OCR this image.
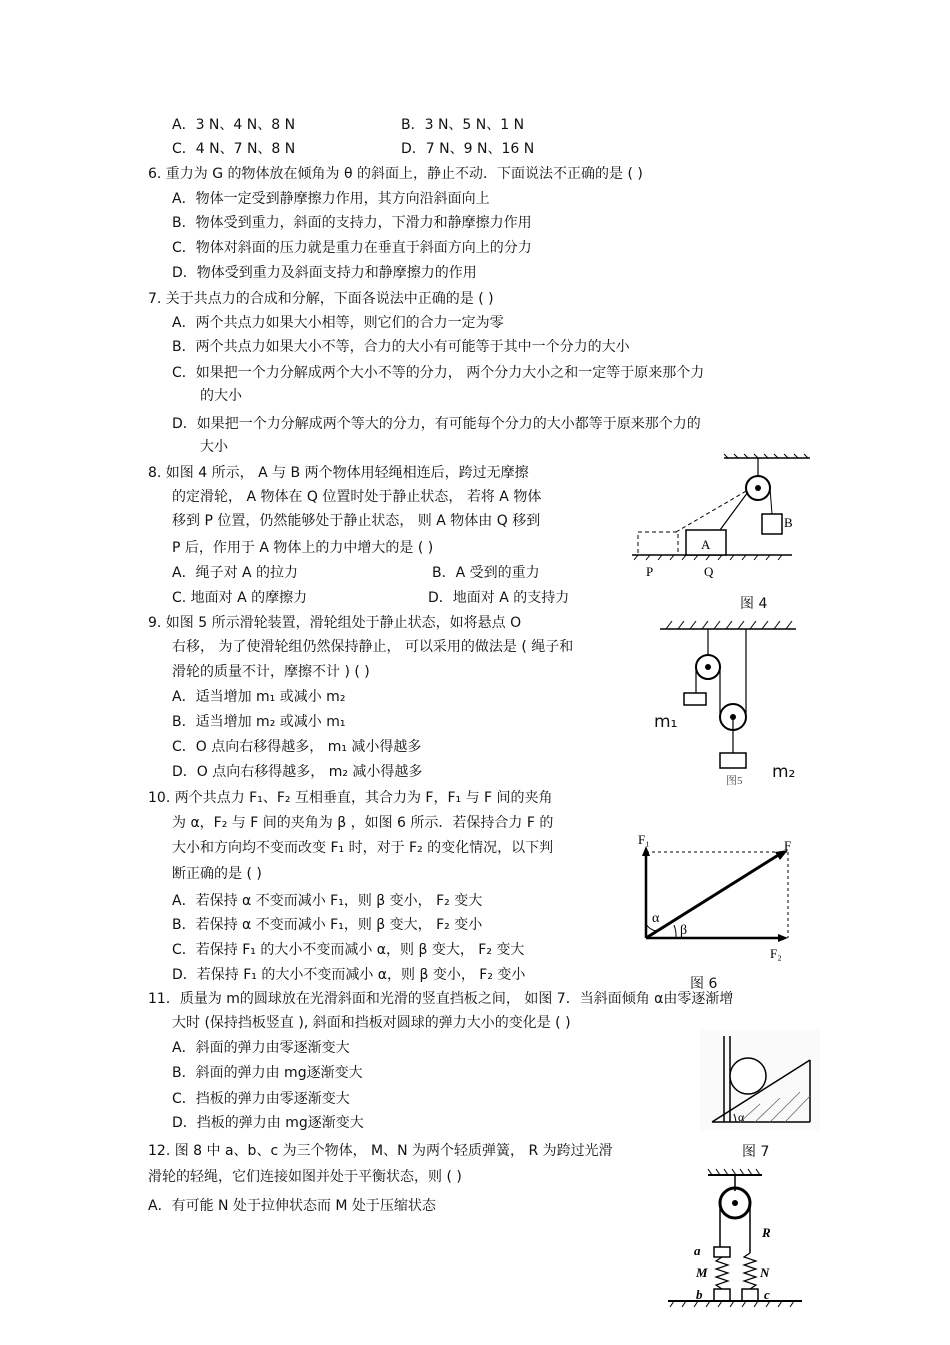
A．3 N、4 N、8 N	B．3 N、5 N、1 N
C．4 N、7 N、8 N	D．7 N、9 N、16 N
6. 重力为 G 的物体放在倾角为 θ 的斜面上，静止不动．下面说法不正确的是 ( )
A．物体一定受到静摩擦力作用，其方向沿斜面向上
B．物体受到重力，斜面的支持力，下滑力和静摩擦力作用
C．物体对斜面的压力就是重力在垂直于斜面方向上的分力
D．物体受到重力及斜面支持力和静摩擦力的作用
7. 关于共点力的合成和分解，下面各说法中正确的是 ( )
A．两个共点力如果大小相等，则它们的合力一定为零
B．两个共点力如果大小不等，合力的大小有可能等于其中一个分力的大小
C．如果把一个力分解成两个大小不等的分力， 两个分力大小之和一定等于原来那个力
的大小
D．如果把一个力分解成两个等大的分力，有可能每个分力的大小都等于原来那个力的
大小
8. 如图 4 所示， A 与 B 两个物体用轻绳相连后，跨过无摩擦
的定滑轮， A 物体在 Q 位置时处于静止状态， 若将 A 物体
移到 P 位置，仍然能够处于静止状态， 则 A 物体由 Q 移到
P 后，作用于 A 物体上的力中增大的是 ( )
A．绳子对 A 的拉力	B．A 受到的重力
C. 地面对 A 的摩擦力	D．地面对 A 的支持力
9. 如图 5 所示滑轮装置，滑轮组处于静止状态，如将悬点 O
右移， 为了使滑轮组仍然保持静止， 可以采用的做法是 ( 绳子和
滑轮的质量不计，摩擦不计 ) ( )
A．适当增加 m₁ 或减小 m₂
B．适当增加 m₂ 或减小 m₁
C．O 点向右移得越多， m₁ 减小得越多
D．O 点向右移得越多， m₂ 减小得越多
10. 两个共点力 F₁、F₂ 互相垂直，其合力为 F，F₁ 与 F 间的夹角
为 α，F₂ 与 F 间的夹角为 β ，如图 6 所示．若保持合力 F 的
大小和方向均不变而改变 F₁ 时，对于 F₂ 的变化情况，以下判
断正确的是 ( )
A．若保持 α 不变而减小 F₁，则 β 变小， F₂ 变大
B．若保持 α 不变而减小 F₁，则 β 变大， F₂ 变小
C．若保持 F₁ 的大小不变而减小 α，则 β 变大， F₂ 变大
D．若保持 F₁ 的大小不变而减小 α，则 β 变小， F₂ 变小
11．质量为 m的圆球放在光滑斜面和光滑的竖直挡板之间， 如图 7．当斜面倾角 α由零逐渐增
大时 (保持挡板竖直 ), 斜面和挡板对圆球的弹力大小的变化是 ( )
A．斜面的弹力由零逐渐变大
B．斜面的弹力由 mg逐渐变大
C．挡板的弹力由零逐渐变大
D．挡板的弹力由 mg逐渐变大
12. 图 8 中 a、b、c 为三个物体， M、N 为两个轻质弹簧， R 为跨过光滑
滑轮的轻绳，它们连接如图并处于平衡状态，则 ( )
A．有可能 N 处于拉伸状态而 M 处于压缩状态
A
B
P	Q
图 4
图5
m₁
m₂
F₁	F
F₂
α
β
图 6
α
图 7
a
b	c
M	N
R
